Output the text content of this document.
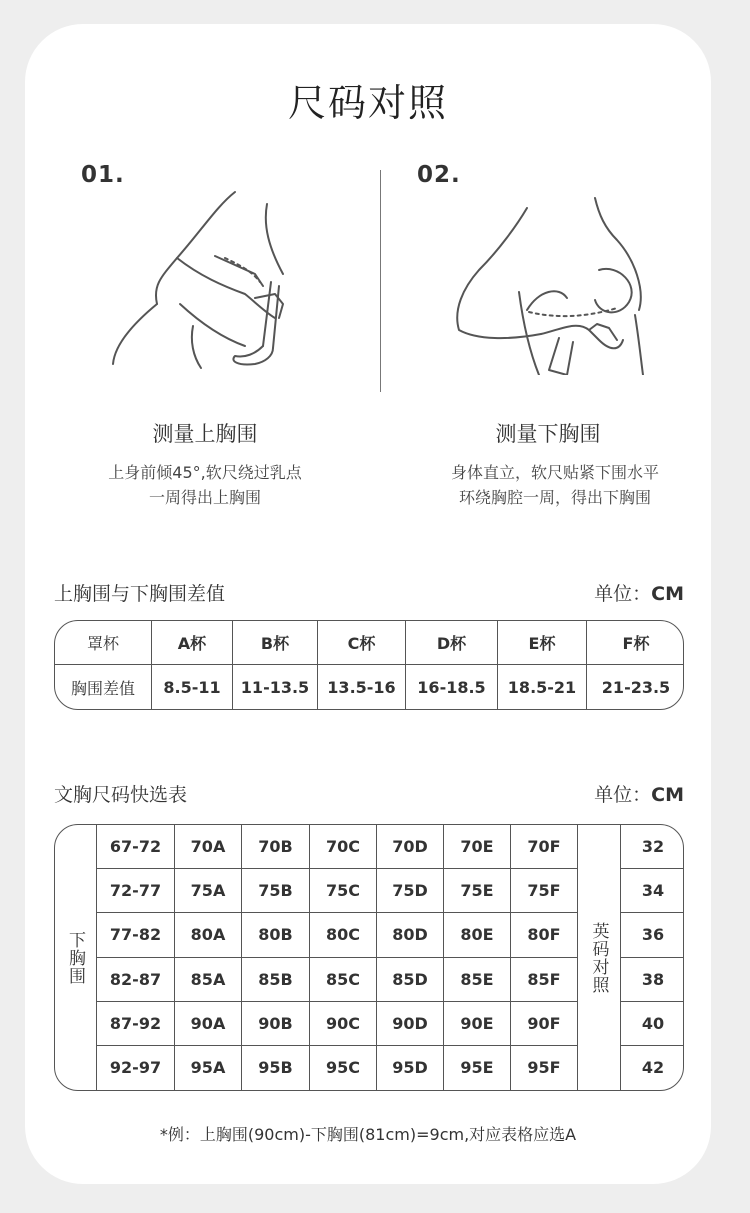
尺码对照
01.
测量上胸围
上身前倾45°,软尺绕过乳点
一周得出上胸围
02.
测量下胸围
身体直立，软尺贴紧下围水平
环绕胸腔一周，得出下胸围
上胸围与下胸围差值	单位：CM
罩杯	A杯	B杯	C杯	D杯	E杯	F杯
胸围差值	8.5-11	11-13.5	13.5-16	16-18.5	18.5-21	21-23.5
文胸尺码快选表	单位：CM
下胸围	英码对照
67-72	70A	70B	70C	70D	70E	70F	32
72-77	75A	75B	75C	75D	75E	75F	34
77-82	80A	80B	80C	80D	80E	80F	36
82-87	85A	85B	85C	85D	85E	85F	38
87-92	90A	90B	90C	90D	90E	90F	40
92-97	95A	95B	95C	95D	95E	95F	42
*例：上胸围(90cm)-下胸围(81cm)=9cm,对应表格应选A
